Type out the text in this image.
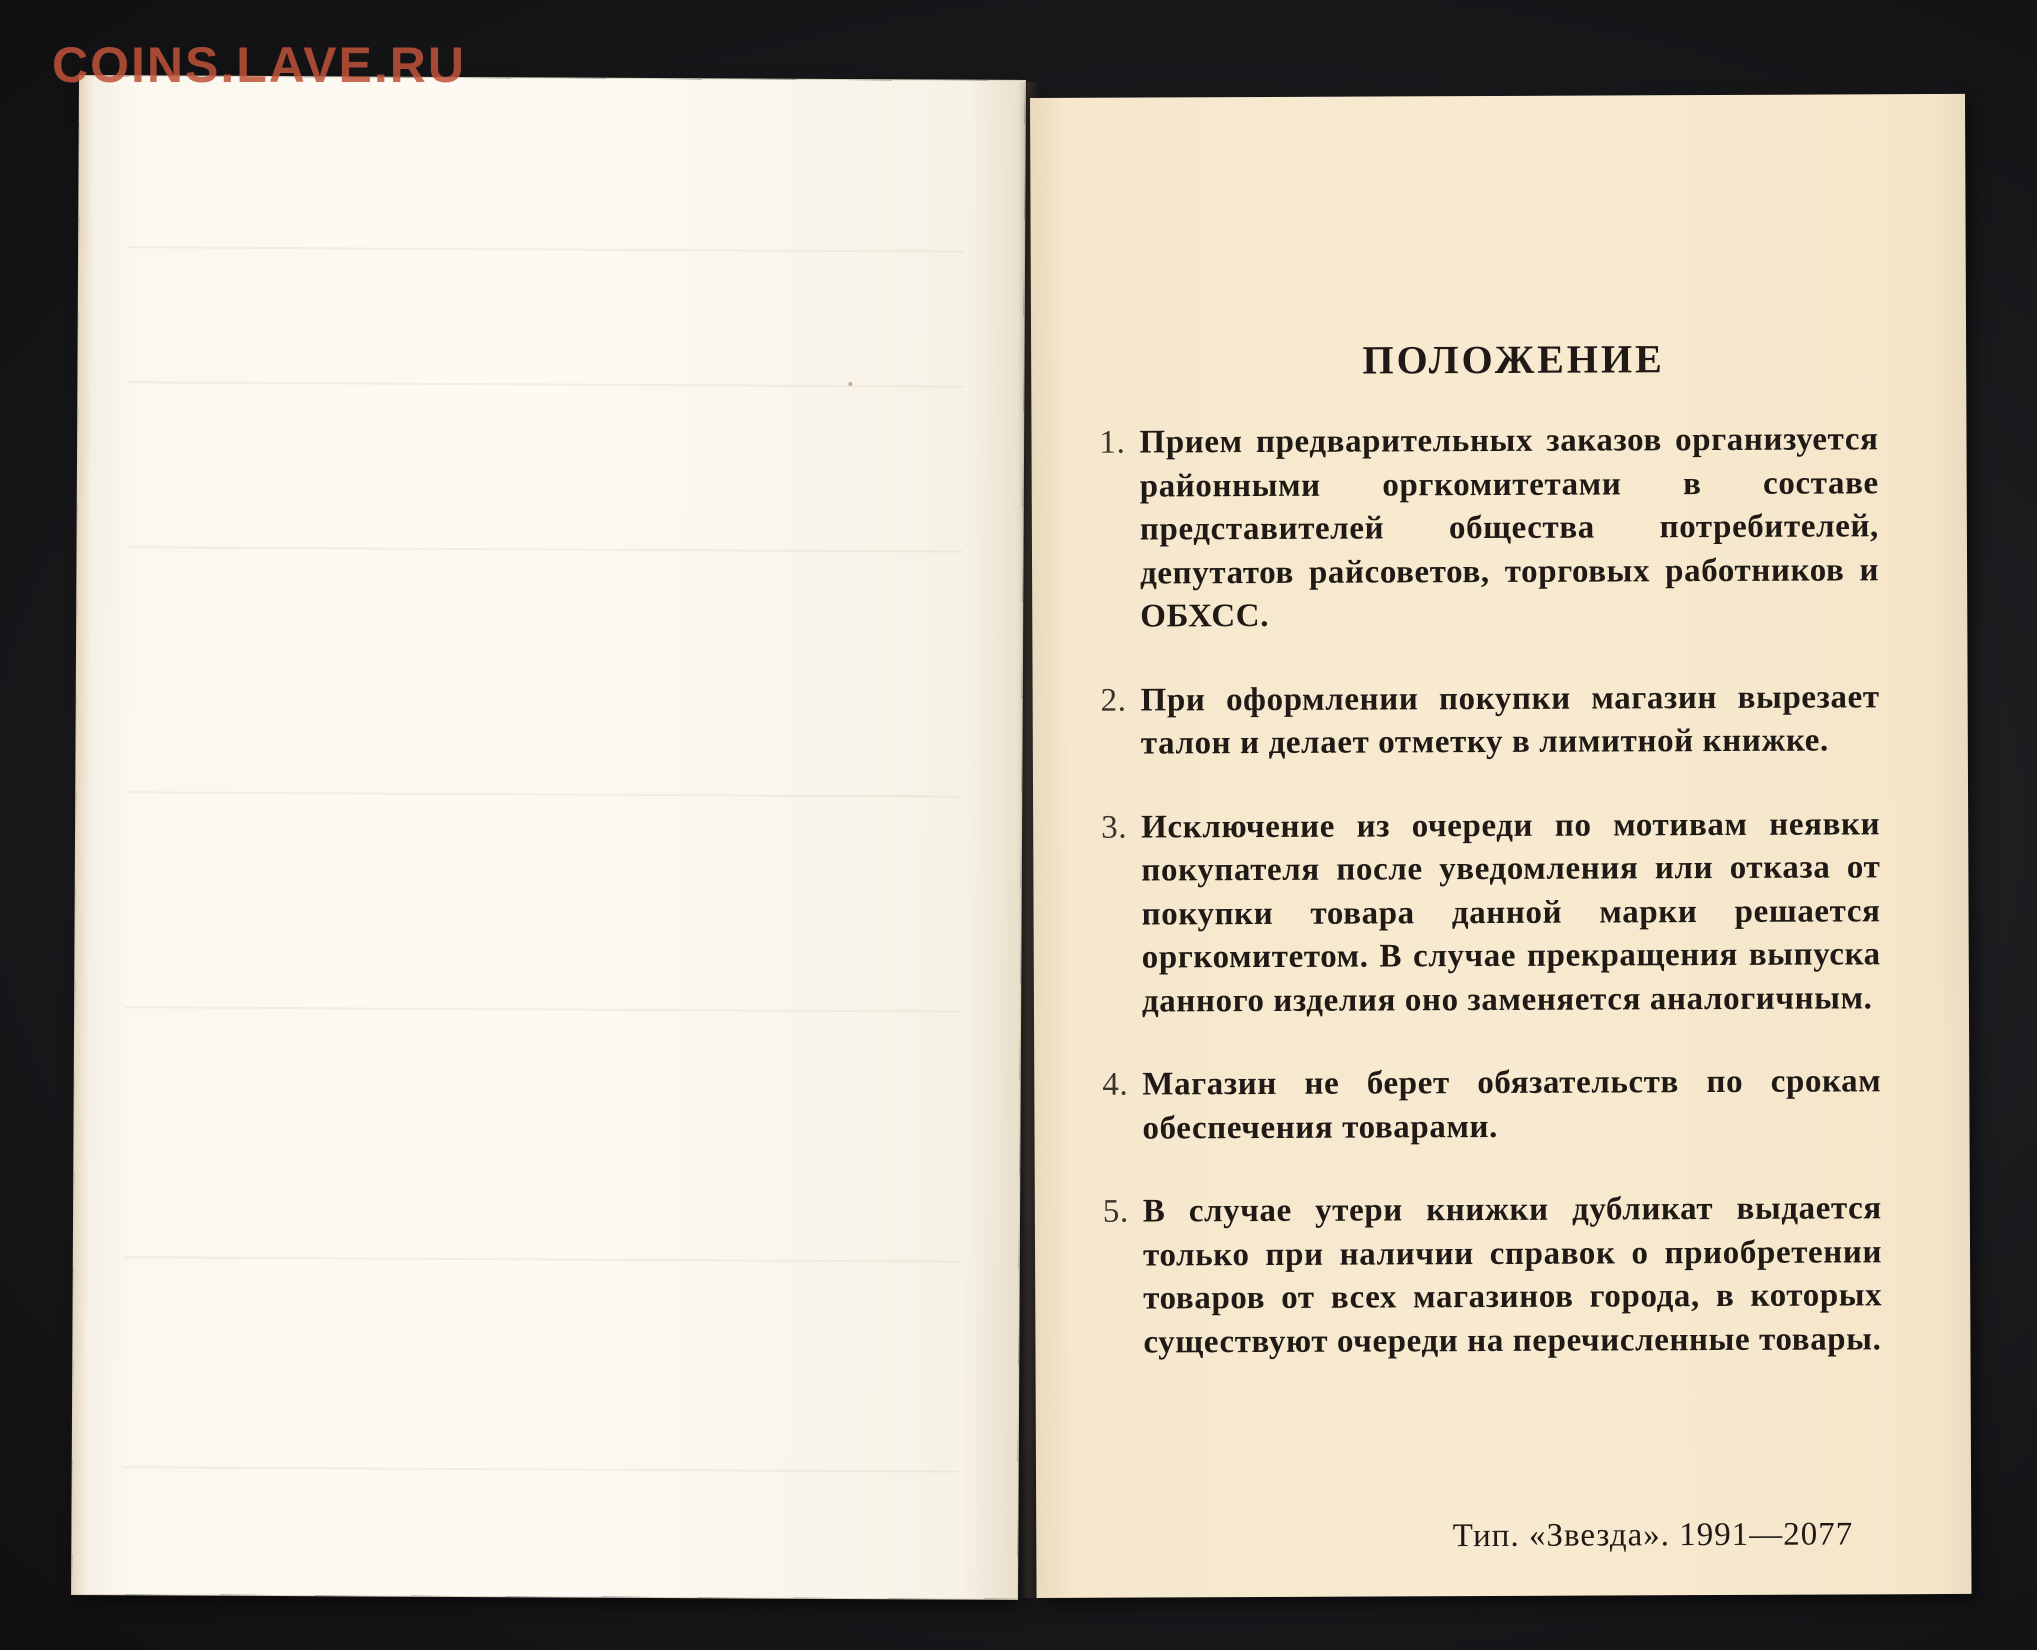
ПОЛОЖЕНИЕ
1. Прием предварительных заказов организуется районными оргкомитетами в составе представителей общества потребителей, депутатов райсоветов, торговых работников и ОБХСС.
2. При оформлении покупки магазин вырезает талон и делает отметку в лимитной книжке.
3. Исключение из очереди по мотивам неявки покупателя после уведомления или отказа от покупки товара данной марки решается оргкомитетом. В случае прекращения выпуска данного изделия оно заменяется аналогичным.
4. Магазин не берет обязательств по срокам обеспечения товарами.
5. В случае утери книжки дубликат выдается только при наличии справок о приобретении товаров от всех магазинов города, в которых существуют очереди на перечисленные товары.
Тип. «Звезда». 1991—2077
COINS.LAVE.RU
